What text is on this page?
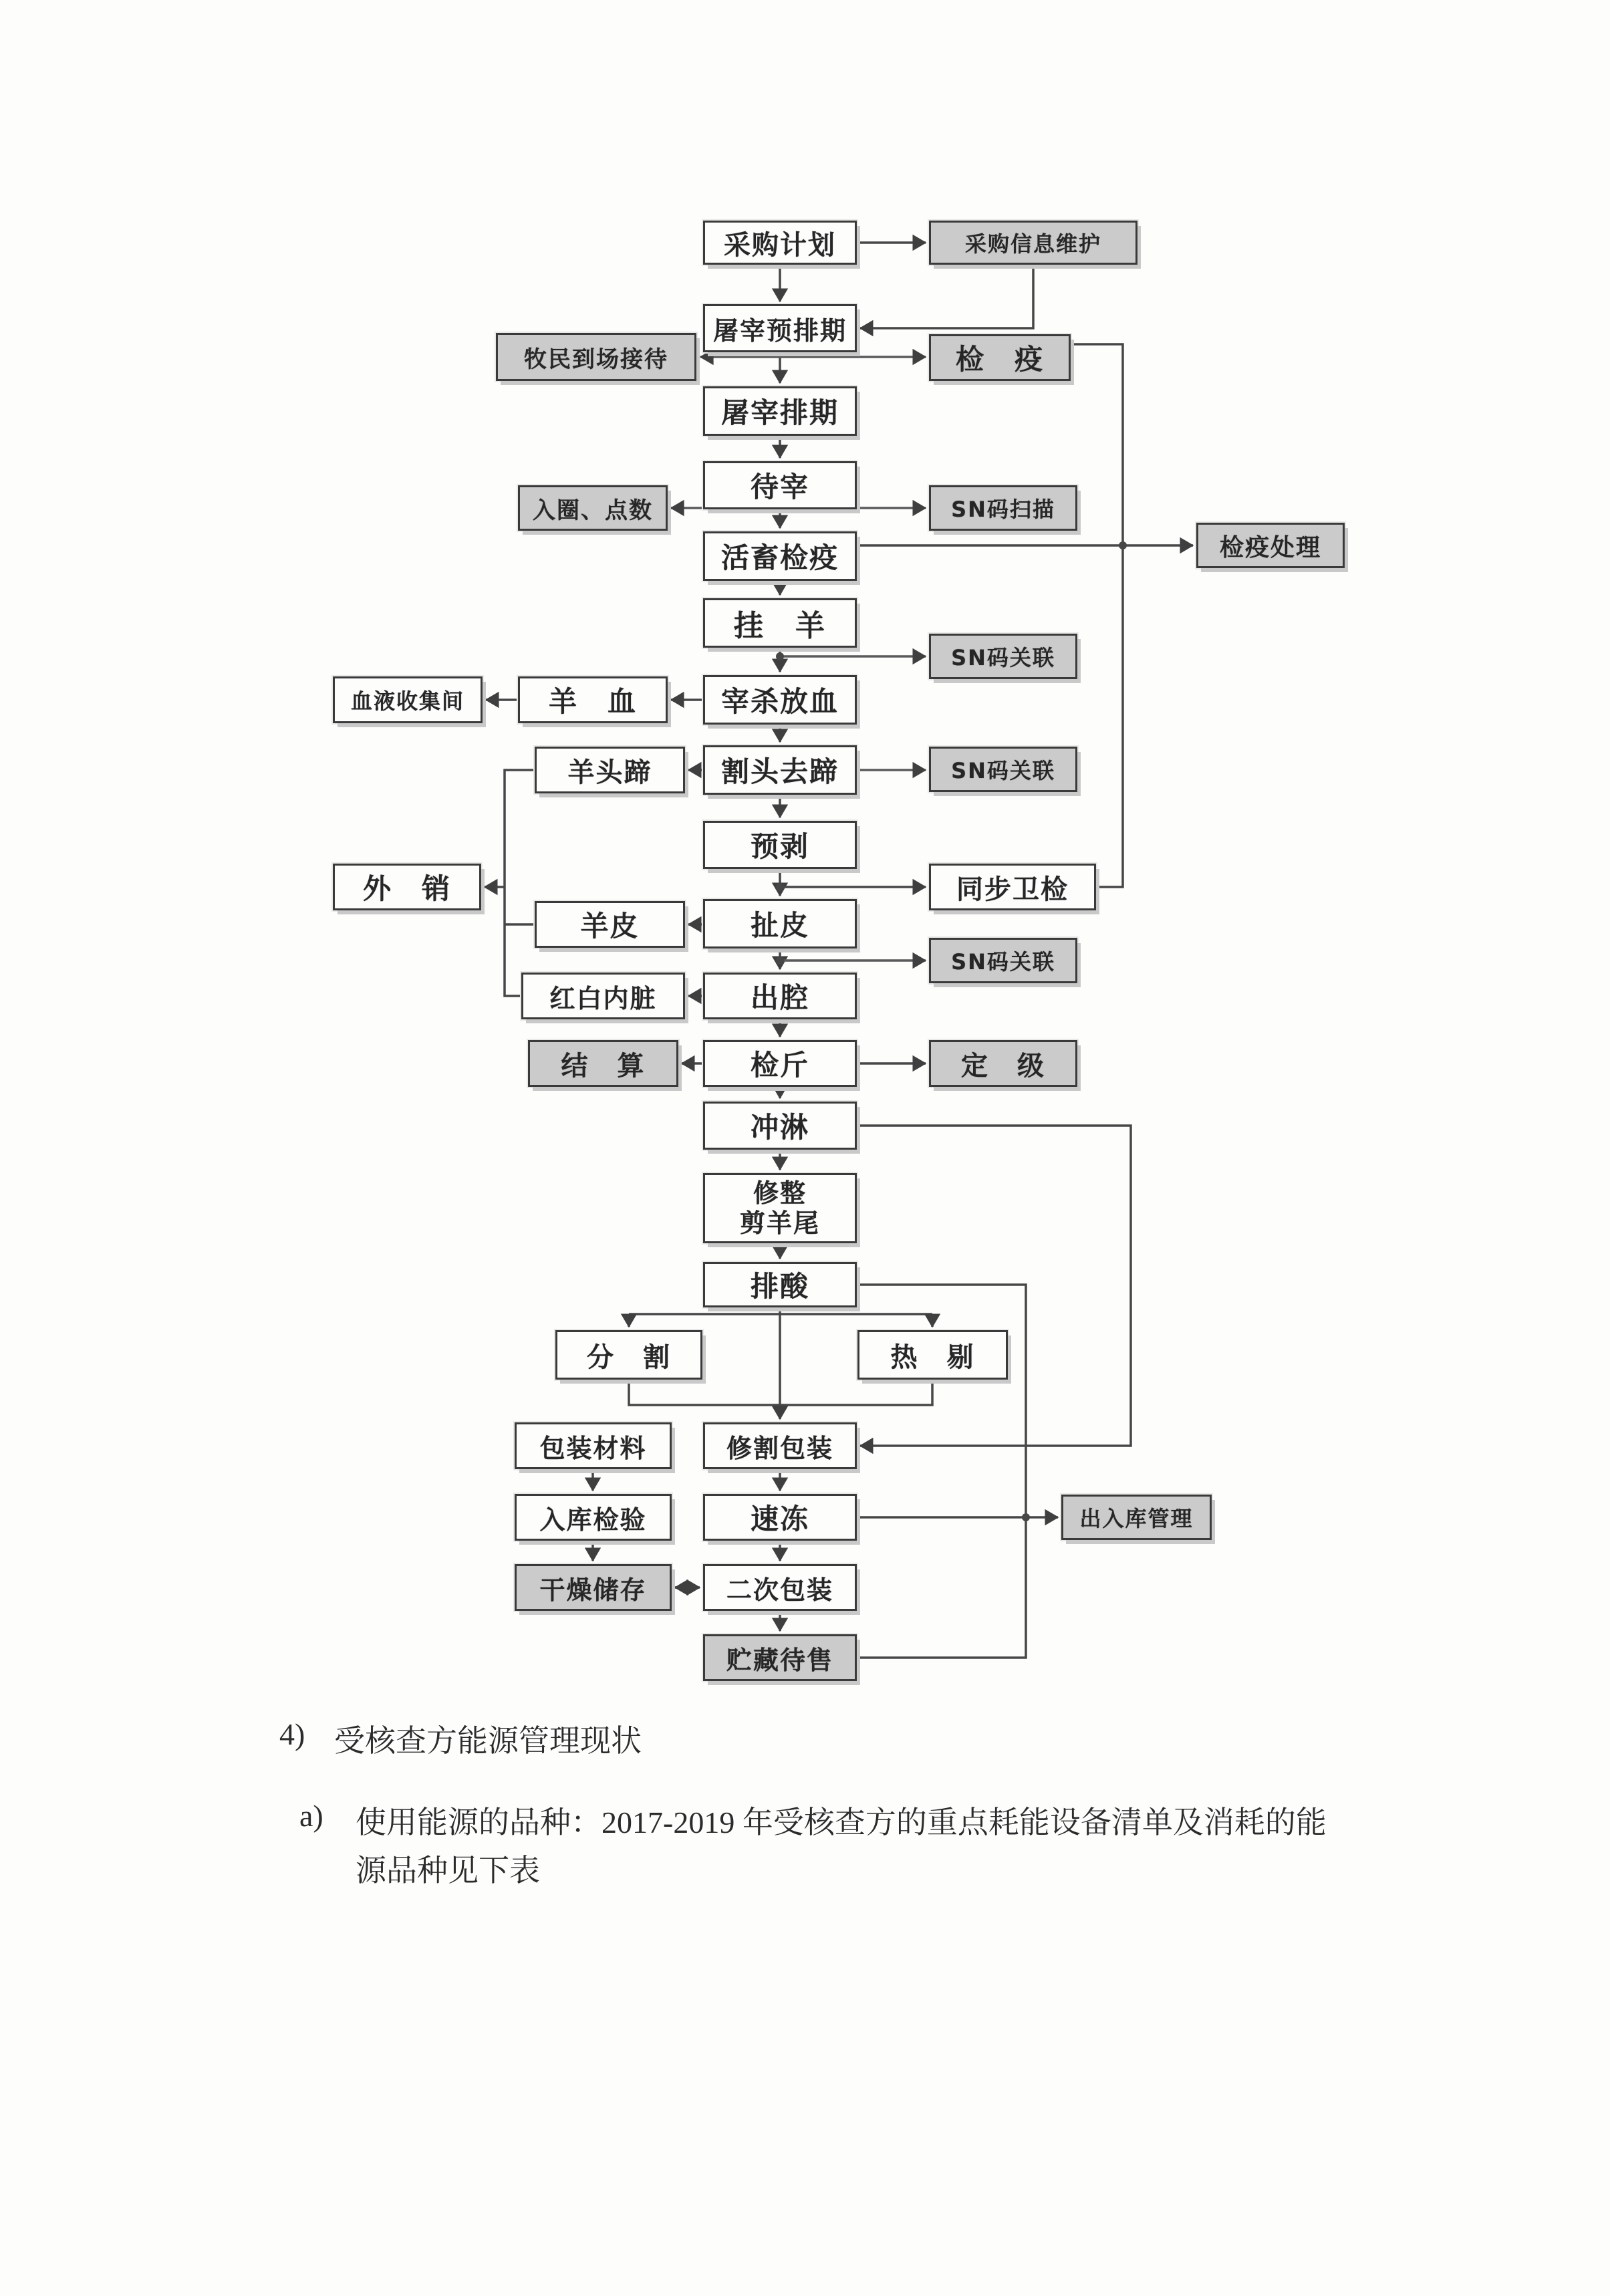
采购计划	采购信息维护
屠宰预排期
牧民到场接待	检　疫
屠宰排期
待宰
入圈、点数	SN码扫描
活畜检疫	检疫处理
挂　羊
SN码关联
宰杀放血
羊　血
血液收集间
割头去蹄	SN码关联
羊头蹄
预剥
同步卫检
外　销
羊皮	扯皮
SN码关联
红白内脏	出腔
结　算	检斤	定　级
冲淋
修整
剪羊尾
排酸
分　割	热　剔
包装材料	修割包装
入库检验	速冻	出入库管理
干燥储存	二次包装
贮藏待售
4) 受核查方能源管理现状
a) 使用能源的品种：2017-2019 年受核查方的重点耗能设备清单及消耗的能
源品种见下表
